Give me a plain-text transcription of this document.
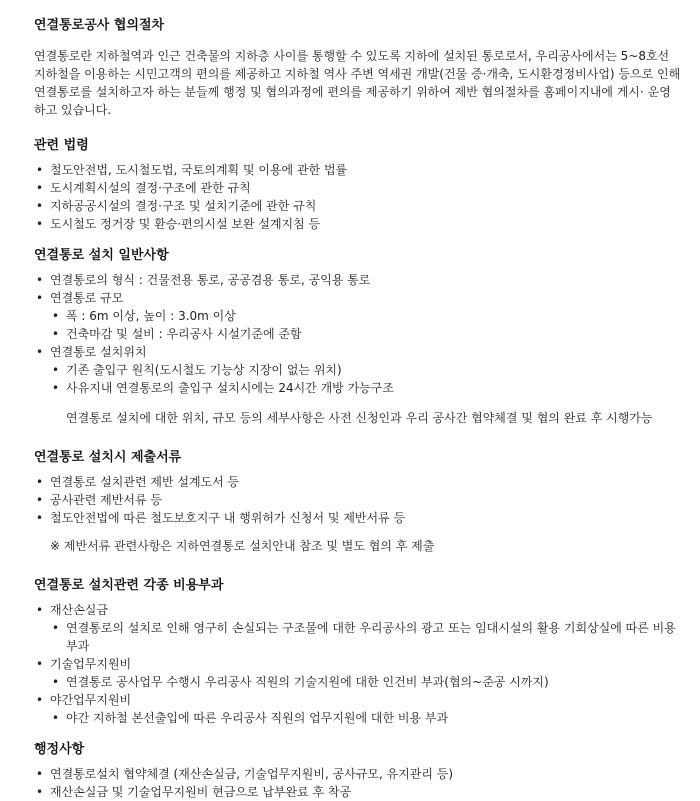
연결통로공사 협의절차

연결통로란 지하철역과 인근 건축물의 지하층 사이를 통행할 수 있도록 지하에 설치된 통로로서, 우리공사에서는 5~8호선 지하철을 이용하는 시민고객의 편의를 제공하고 지하철 역사 주변 역세권 개발(건물 증·개축, 도시환경정비사업) 등으로 인해 연결통로를 설치하고자 하는 분들께 행정 및 협의과정에 편의를 제공하기 위하여 제반 협의절차를 홈페이지내에 게시· 운영하고 있습니다.

관련 법령
• 철도안전법, 도시철도법, 국토의계획 및 이용에 관한 법률
• 도시계획시설의 결정·구조에 관한 규칙
• 지하공공시설의 결정·구조 및 설치기준에 관한 규칙
• 도시철도 정거장 및 환승·편의시설 보완 설계지침 등
연결통로 설치 일반사항
• 연결통로의 형식 : 건물전용 통로, 공공겸용 통로, 공익용 통로
• 연결통로 규모
• 폭 : 6m 이상, 높이 : 3.0m 이상
• 건축마감 및 설비 : 우리공사 시설기준에 준함
• 연결통로 설치위치
• 기존 출입구 원칙(도시철도 기능상 지장이 없는 위치)
• 사유지내 연결통로의 출입구 설치시에는 24시간 개방 가능구조

연결통로 설치에 대한 위치, 규모 등의 세부사항은 사전 신청인과 우리 공사간 협약체결 및 협의 완료 후 시행가능

연결통로 설치시 제출서류
• 연결통로 설치관련 제반 설계도서 등
• 공사관련 제반서류 등
• 철도안전법에 따른 철도보호지구 내 행위허가 신청서 및 제반서류 등

※ 제반서류 관련사항은 지하연결통로 설치안내 참조 및 별도 협의 후 제출

연결통로 설치관련 각종 비용부과
• 재산손실금
• 연결통로의 설치로 인해 영구히 손실되는 구조물에 대한 우리공사의 광고 또는 임대시설의 활용 기회상실에 따른 비용부과
• 기술업무지원비
• 연결통로 공사업무 수행시 우리공사 직원의 기술지원에 대한 인건비 부과(협의~준공 시까지)
• 야간업무지원비
• 야간 지하철 본선출입에 따른 우리공사 직원의 업무지원에 대한 비용 부과
행정사항
• 연결통로설치 협약체결 (재산손실금, 기술업무지원비, 공사규모, 유지관리 등)
• 재산손실금 및 기술업무지원비 현금으로 납부완료 후 착공
